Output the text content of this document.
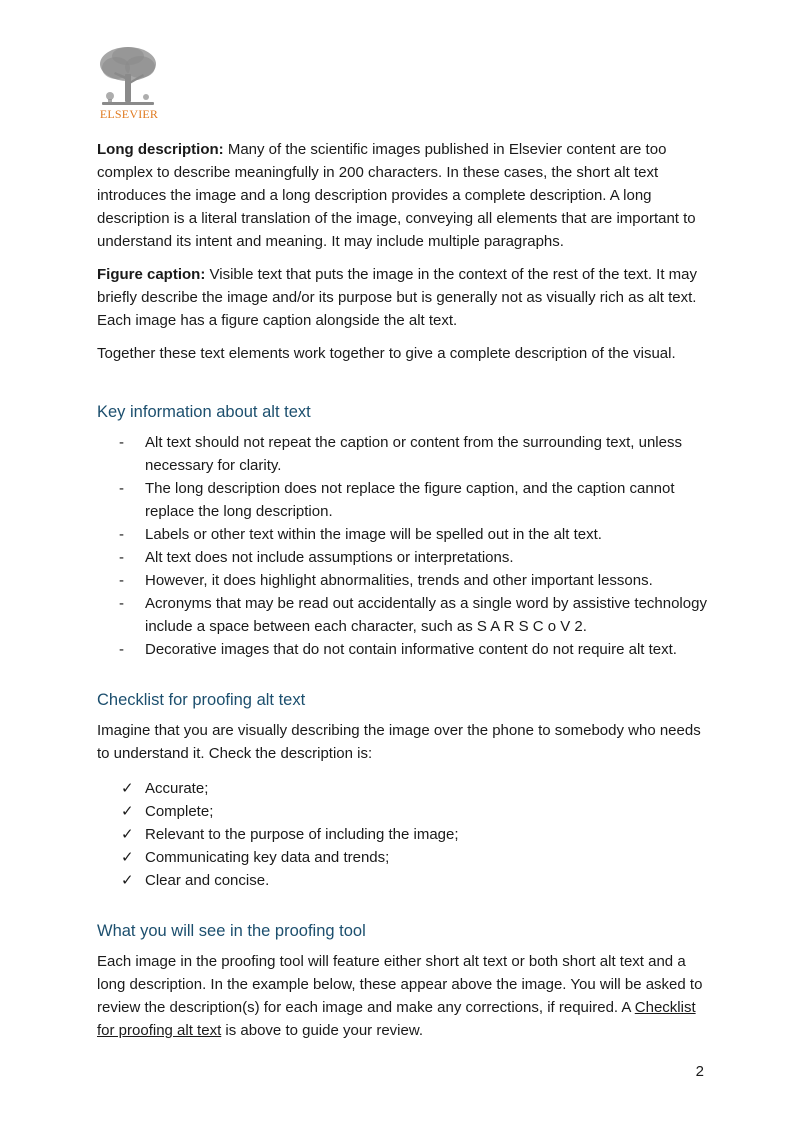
ELSEVIER

Long description: Many of the scientific images published in Elsevier content are too complex to describe meaningfully in 200 characters. In these cases, the short alt text introduces the image and a long description provides a complete description. A long description is a literal translation of the image, conveying all elements that are important to understand its intent and meaning. It may include multiple paragraphs.

Figure caption: Visible text that puts the image in the context of the rest of the text. It may briefly describe the image and/or its purpose but is generally not as visually rich as alt text. Each image has a figure caption alongside the alt text.

Together these text elements work together to give a complete description of the visual.

Key information about alt text
- Alt text should not repeat the caption or content from the surrounding text, unless necessary for clarity.
- The long description does not replace the figure caption, and the caption cannot replace the long description.
- Labels or other text within the image will be spelled out in the alt text.
- Alt text does not include assumptions or interpretations.
- However, it does highlight abnormalities, trends and other important lessons.
- Acronyms that may be read out accidentally as a single word by assistive technology include a space between each character, such as S A R S C o V 2.
- Decorative images that do not contain informative content do not require alt text.
Checklist for proofing alt text

Imagine that you are visually describing the image over the phone to somebody who needs to understand it. Check the description is:

✓ Accurate;
✓ Complete;
✓ Relevant to the purpose of including the image;
✓ Communicating key data and trends;
✓ Clear and concise.
What you will see in the proofing tool

Each image in the proofing tool will feature either short alt text or both short alt text and a long description. In the example below, these appear above the image. You will be asked to review the description(s) for each image and make any corrections, if required. A Checklist for proofing alt text is above to guide your review.

2
